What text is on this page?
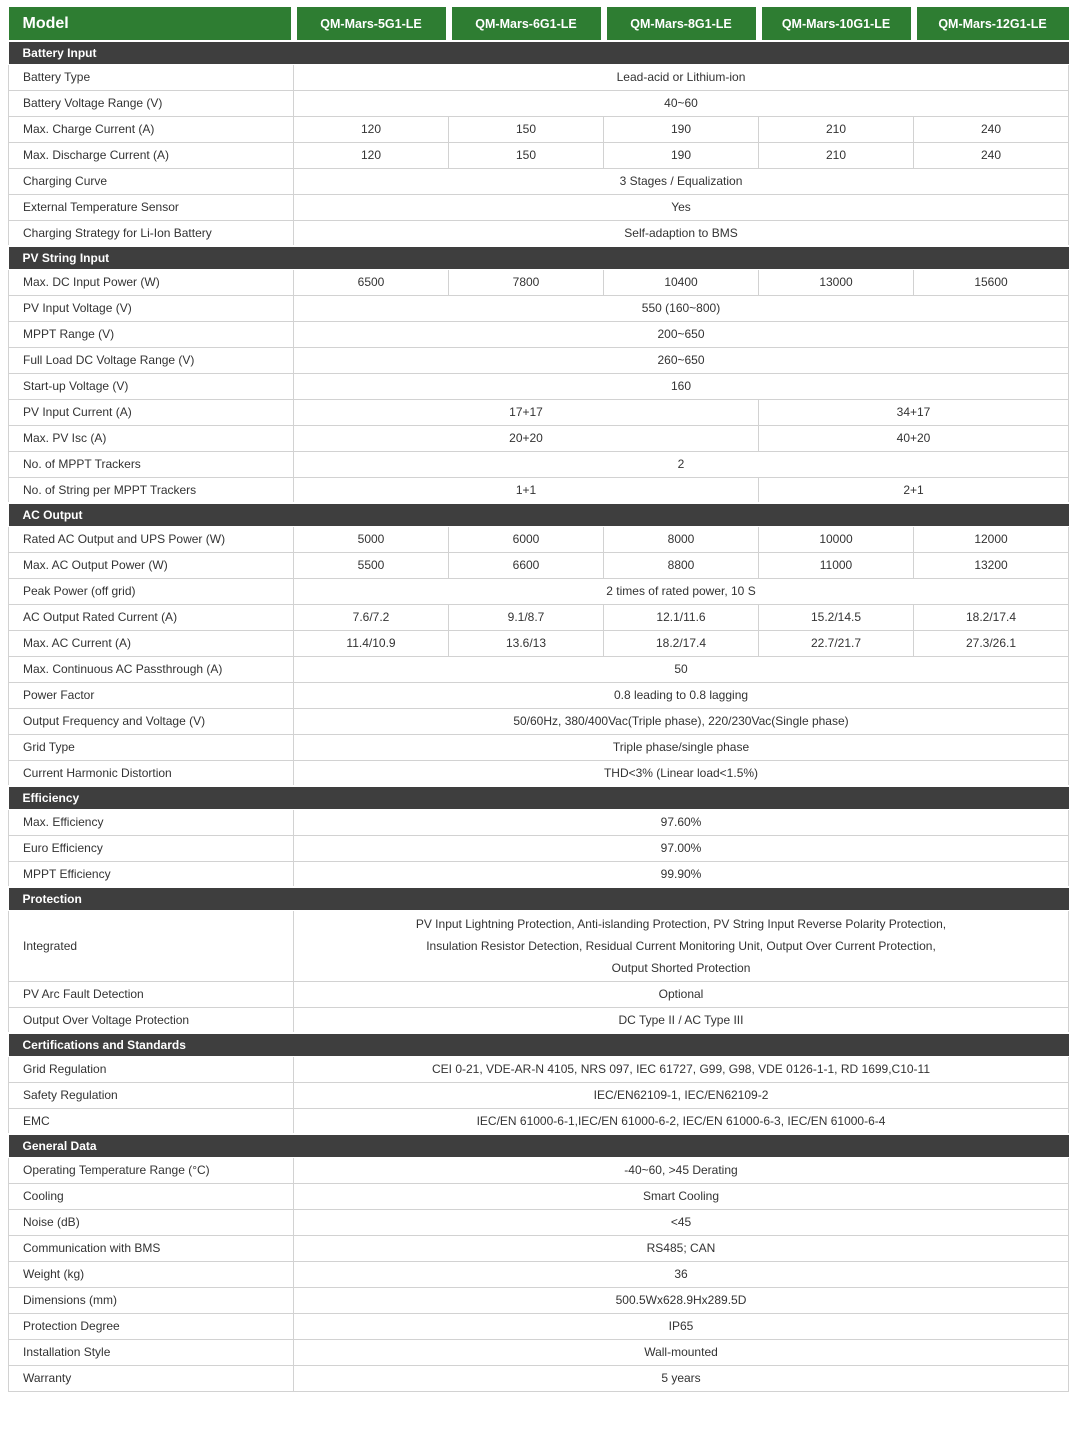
Model	QM-Mars-5G1-LE	QM-Mars-6G1-LE	QM-Mars-8G1-LE	QM-Mars-10G1-LE	QM-Mars-12G1-LE
Battery Input					
Battery Type	Lead-acid or Lithium-ion				
Battery Voltage Range (V)	40~60				
Max. Charge Current (A)	120	150	190	210	240
Max. Discharge Current (A)	120	150	190	210	240
Charging Curve	3 Stages / Equalization				
External Temperature Sensor	Yes				
Charging Strategy for Li-Ion Battery	Self-adaption to BMS				
PV String Input					
Max. DC Input Power (W)	6500	7800	10400	13000	15600
PV Input Voltage (V)	550 (160~800)				
MPPT Range (V)	200~650				
Full Load DC Voltage Range (V)	260~650				
Start-up Voltage (V)	160				
PV Input Current (A)	17+17			34+17	
Max. PV Isc (A)	20+20			40+20	
No. of MPPT Trackers	2				
No. of String per MPPT Trackers	1+1			2+1	
AC Output					
Rated AC Output and UPS Power (W)	5000	6000	8000	10000	12000
Max. AC Output Power (W)	5500	6600	8800	11000	13200
Peak Power (off grid)	2 times of rated power, 10 S				
AC Output Rated Current (A)	7.6/7.2	9.1/8.7	12.1/11.6	15.2/14.5	18.2/17.4
Max. AC Current (A)	11.4/10.9	13.6/13	18.2/17.4	22.7/21.7	27.3/26.1
Max. Continuous AC Passthrough (A)	50				
Power Factor	0.8 leading to 0.8 lagging				
Output Frequency and Voltage (V)	50/60Hz, 380/400Vac(Triple phase), 220/230Vac(Single phase)				
Grid Type	Triple phase/single phase				
Current Harmonic Distortion	THD<3% (Linear load<1.5%)				
Efficiency					
Max. Efficiency	97.60%				
Euro Efficiency	97.00%				
MPPT Efficiency	99.90%				
Protection					
Integrated	PV Input Lightning Protection, Anti-islanding Protection, PV String Input Reverse Polarity Protection,
Insulation Resistor Detection, Residual Current Monitoring Unit, Output Over Current Protection,
Output Shorted Protection				

PV Arc Fault Detection	Optional				
Output Over Voltage Protection	DC Type II / AC Type III				
Certifications and Standards					
Grid Regulation	CEI 0-21, VDE-AR-N 4105, NRS 097, IEC 61727, G99, G98, VDE 0126-1-1, RD 1699,C10-11				
Safety Regulation	IEC/EN62109-1, IEC/EN62109-2				
EMC	IEC/EN 61000-6-1,IEC/EN 61000-6-2, IEC/EN 61000-6-3, IEC/EN 61000-6-4				
General Data					
Operating Temperature Range (°C)	-40~60, >45 Derating				
Cooling	Smart Cooling				
Noise (dB)	<45				
Communication with BMS	RS485; CAN				
Weight (kg)	36				
Dimensions (mm)	500.5Wx628.9Hx289.5D				
Protection Degree	IP65				
Installation Style	Wall-mounted				
Warranty	5 years				
